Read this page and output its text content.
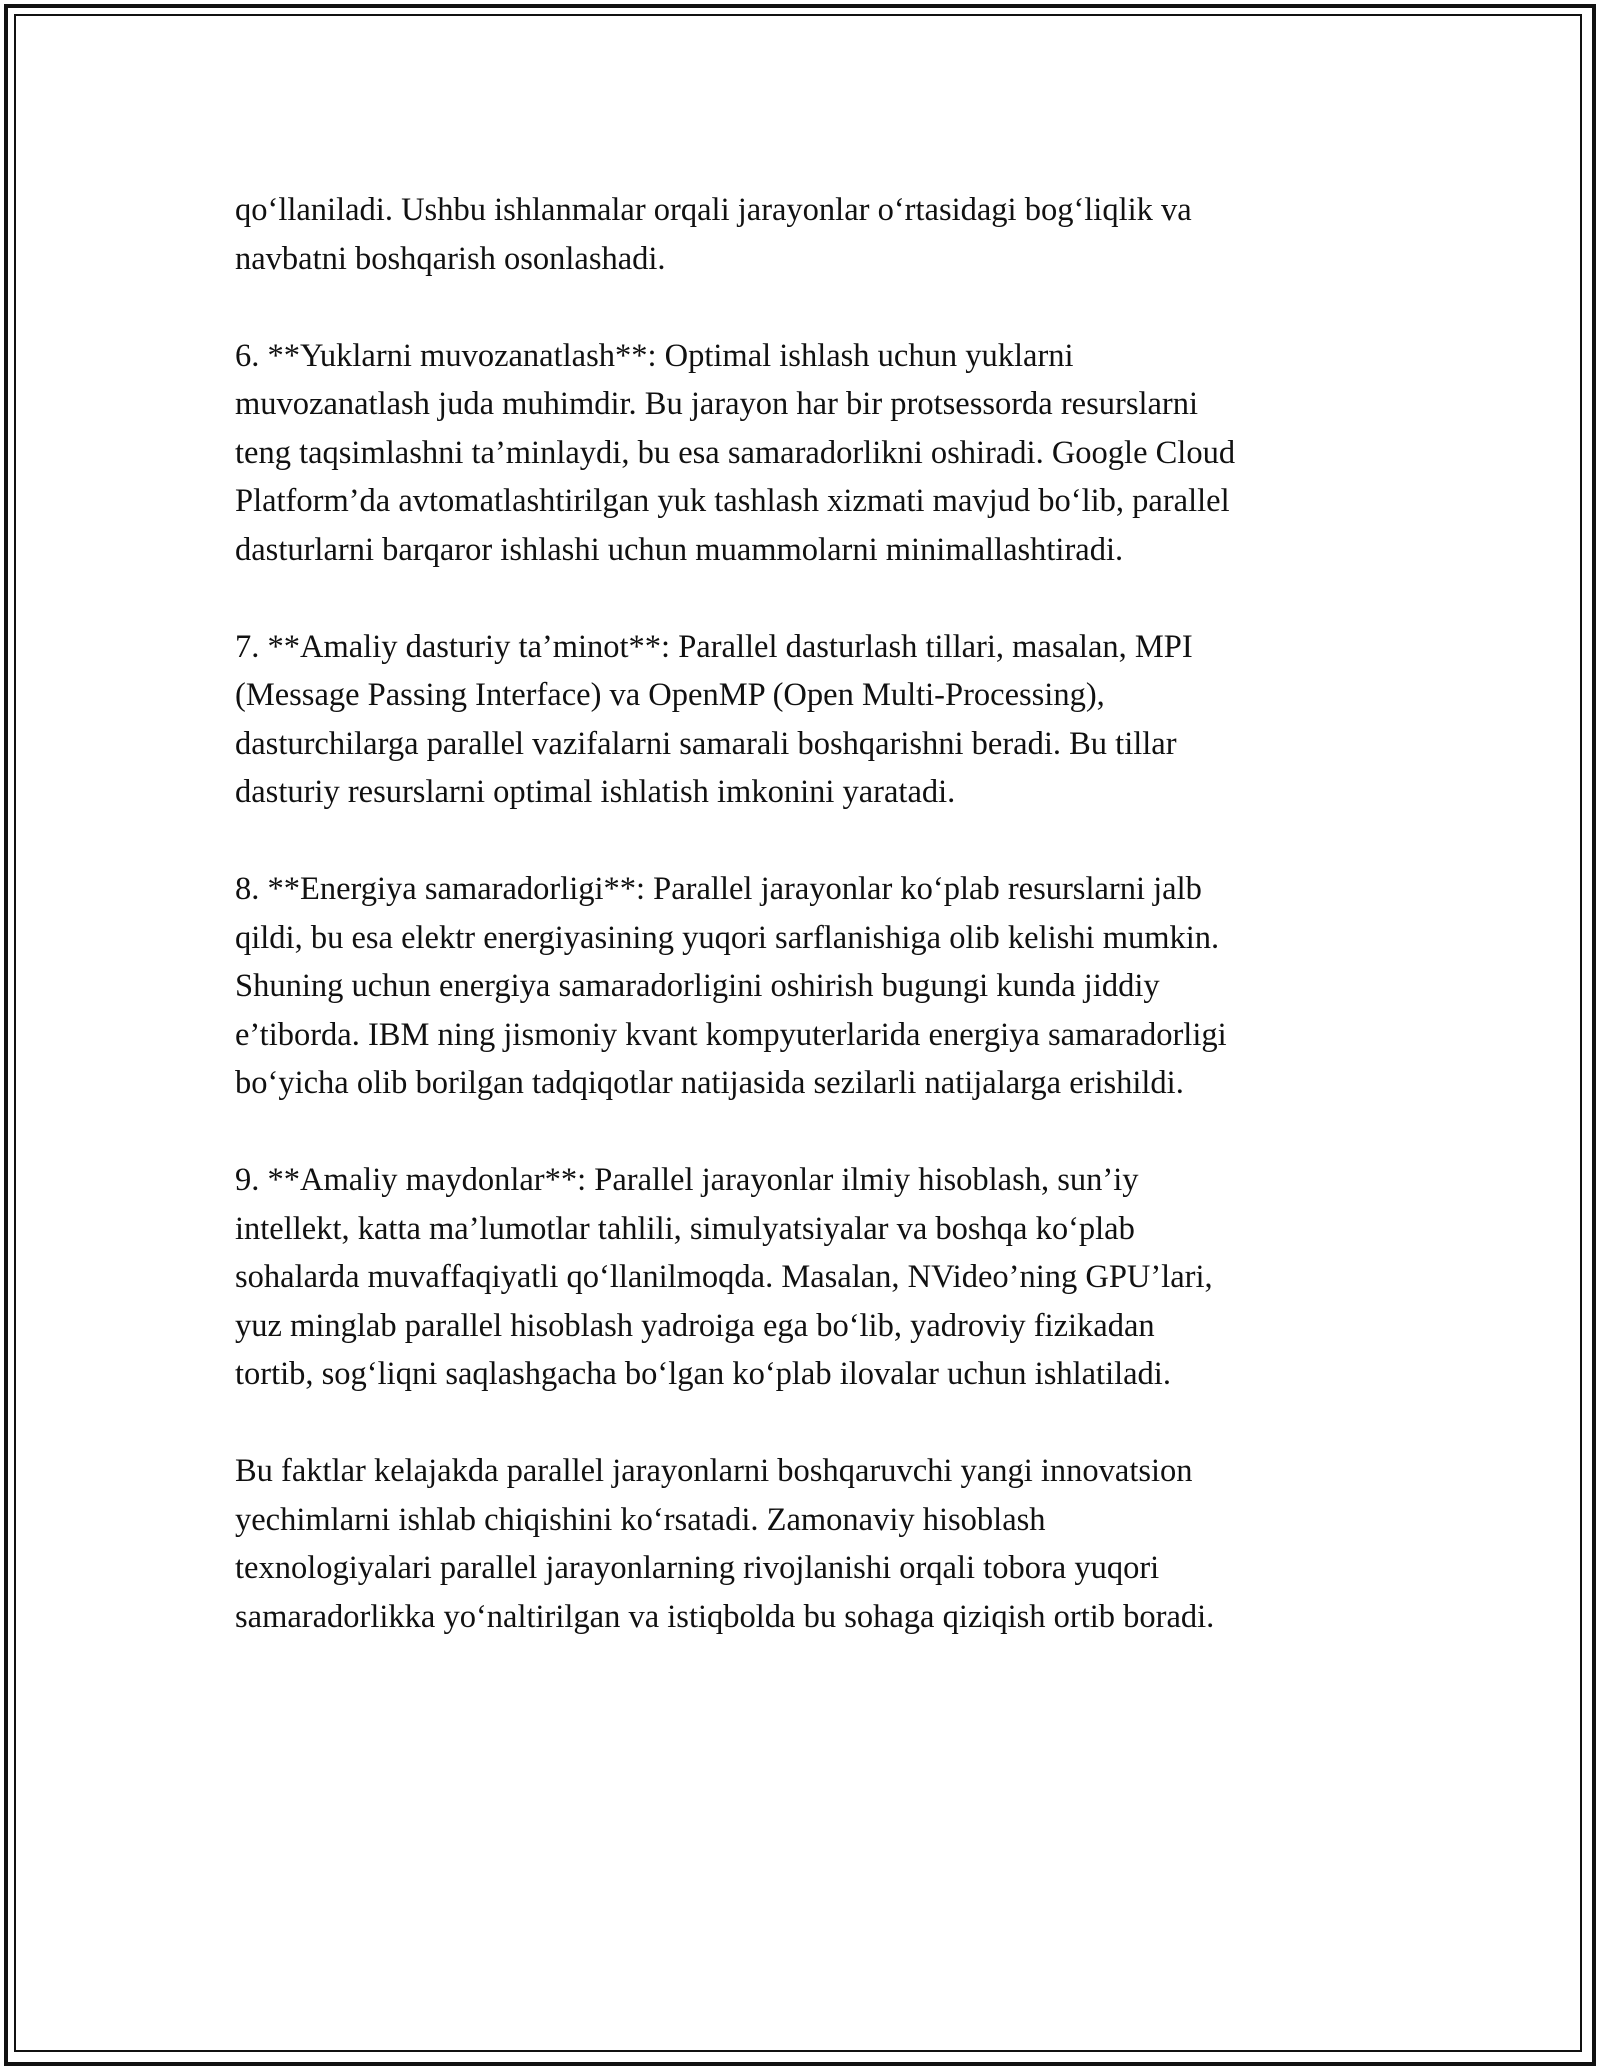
qo‘llaniladi. Ushbu ishlanmalar orqali jarayonlar o‘rtasidagi bog‘liqlik va
navbatni boshqarish osonlashadi.

6. **Yuklarni muvozanatlash**: Optimal ishlash uchun yuklarni
muvozanatlash juda muhimdir. Bu jarayon har bir protsessorda resurslarni
teng taqsimlashni ta’minlaydi, bu esa samaradorlikni oshiradi. Google Cloud
Platform’da avtomatlashtirilgan yuk tashlash xizmati mavjud bo‘lib, parallel
dasturlarni barqaror ishlashi uchun muammolarni minimallashtiradi.

7. **Amaliy dasturiy ta’minot**: Parallel dasturlash tillari, masalan, MPI
(Message Passing Interface) va OpenMP (Open Multi-Processing),
dasturchilarga parallel vazifalarni samarali boshqarishni beradi. Bu tillar
dasturiy resurslarni optimal ishlatish imkonini yaratadi.

8. **Energiya samaradorligi**: Parallel jarayonlar ko‘plab resurslarni jalb
qildi, bu esa elektr energiyasining yuqori sarflanishiga olib kelishi mumkin.
Shuning uchun energiya samaradorligini oshirish bugungi kunda jiddiy
e’tiborda. IBM ning jismoniy kvant kompyuterlarida energiya samaradorligi
bo‘yicha olib borilgan tadqiqotlar natijasida sezilarli natijalarga erishildi.

9. **Amaliy maydonlar**: Parallel jarayonlar ilmiy hisoblash, sun’iy
intellekt, katta ma’lumotlar tahlili, simulyatsiyalar va boshqa ko‘plab
sohalarda muvaffaqiyatli qo‘llanilmoqda. Masalan, NVideo’ning GPU’lari,
yuz minglab parallel hisoblash yadroiga ega bo‘lib, yadroviy fizikadan
tortib, sog‘liqni saqlashgacha bo‘lgan ko‘plab ilovalar uchun ishlatiladi.

Bu faktlar kelajakda parallel jarayonlarni boshqaruvchi yangi innovatsion
yechimlarni ishlab chiqishini ko‘rsatadi. Zamonaviy hisoblash
texnologiyalari parallel jarayonlarning rivojlanishi orqali tobora yuqori
samaradorlikka yo‘naltirilgan va istiqbolda bu sohaga qiziqish ortib boradi.
